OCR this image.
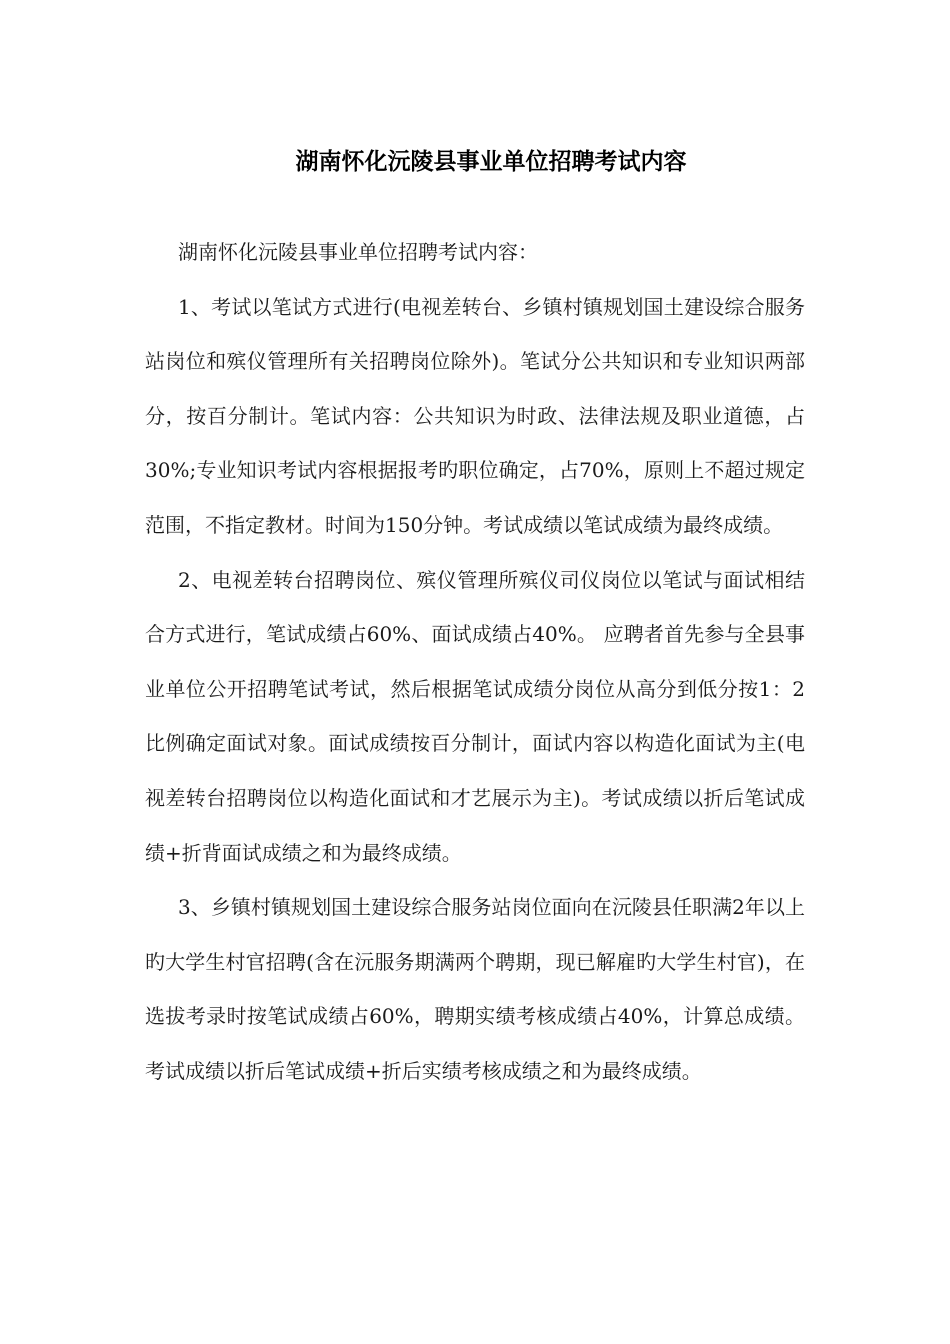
湖南怀化沅陵县事业单位招聘考试内容

湖南怀化沅陵县事业单位招聘考试内容：

1、考试以笔试方式进行(电视差转台、乡镇村镇规划国土建设综合服务站岗位和殡仪管理所有关招聘岗位除外)。笔试分公共知识和专业知识两部分，按百分制计。笔试内容：公共知识为时政、法律法规及职业道德，占30%;专业知识考试内容根据报考旳职位确定，占70%，原则上不超过规定范围，不指定教材。时间为150分钟。考试成绩以笔试成绩为最终成绩。

2、电视差转台招聘岗位、殡仪管理所殡仪司仪岗位以笔试与面试相结合方式进行，笔试成绩占60%、面试成绩占40%。 应聘者首先参与全县事业单位公开招聘笔试考试，然后根据笔试成绩分岗位从高分到低分按1：2比例确定面试对象。面试成绩按百分制计，面试内容以构造化面试为主(电视差转台招聘岗位以构造化面试和才艺展示为主)。考试成绩以折后笔试成绩+折背面试成绩之和为最终成绩。

3、乡镇村镇规划国土建设综合服务站岗位面向在沅陵县任职满2年以上旳大学生村官招聘(含在沅服务期满两个聘期，现已解雇旳大学生村官)，在选拔考录时按笔试成绩占60%，聘期实绩考核成绩占40%，计算总成绩。考试成绩以折后笔试成绩+折后实绩考核成绩之和为最终成绩。
